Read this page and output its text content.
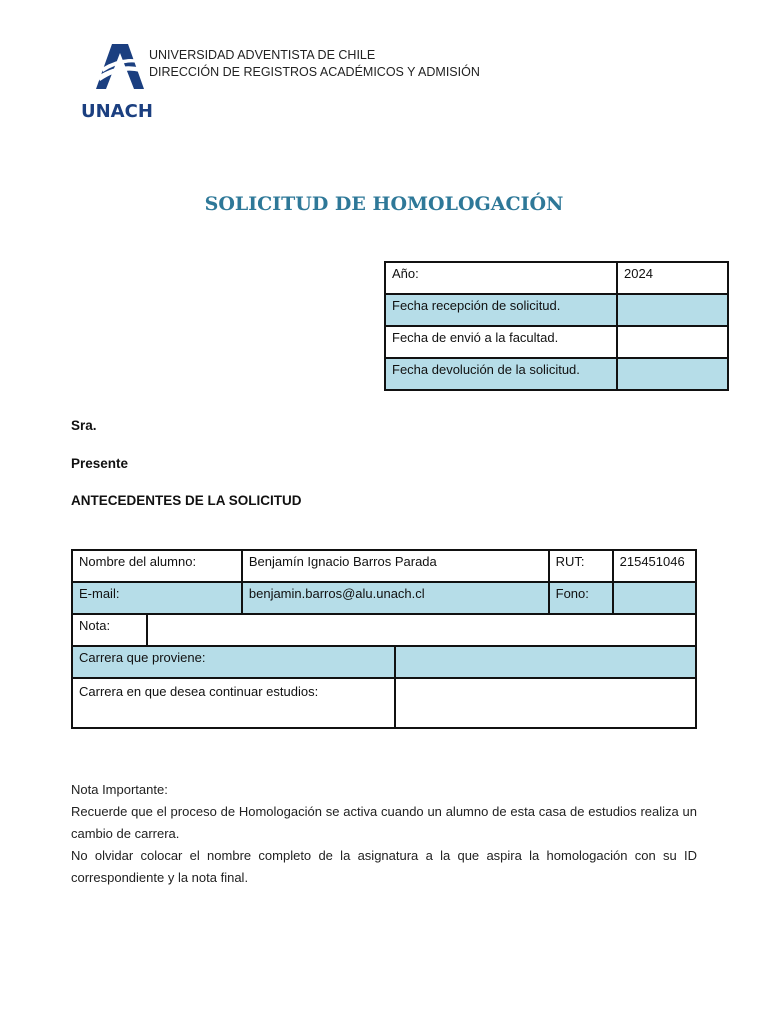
UNACH
UNIVERSIDAD ADVENTISTA DE CHILE
DIRECCIÓN DE REGISTROS ACADÉMICOS Y ADMISIÓN
SOLICITUD DE HOMOLOGACIÓN
Año:	2024
Fecha recepción de solicitud.	
Fecha de envió a la facultad.	
Fecha devolución de la solicitud.	
Sra.
Presente
ANTECEDENTES DE LA SOLICITUD
Nombre del alumno:		Benjamín Ignacio Barros Parada		RUT:	215451046
E-mail:		benjamin.barros@alu.unach.cl		Fono:	
Nota:					
Carrera que proviene:					
Carrera en que desea continuar estudios:					

Nota Importante:

Recuerde que el proceso de Homologación se activa cuando un alumno de esta casa de estudios realiza un cambio de carrera.

No olvidar colocar el nombre completo de la asignatura a la que aspira la homologación con su ID correspondiente y la nota final.
